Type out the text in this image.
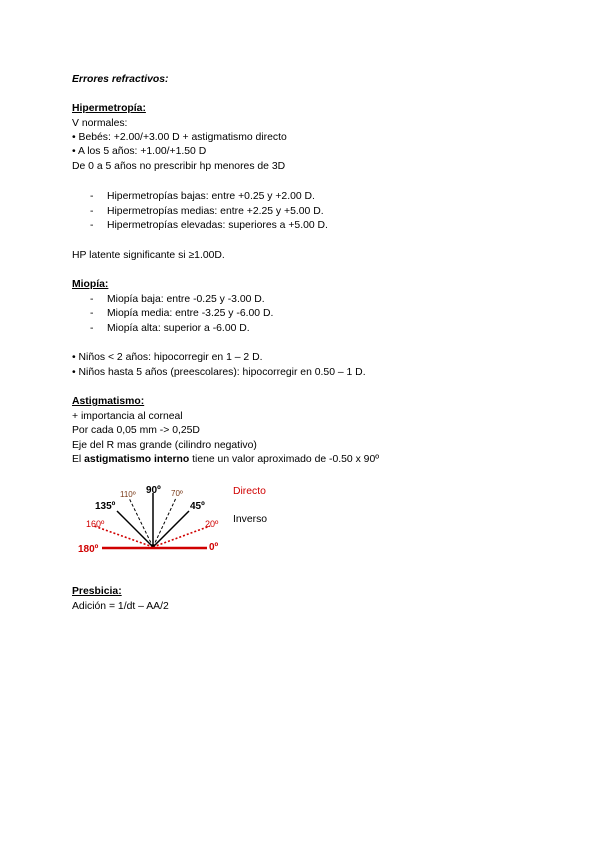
Errores refractivos:
Hipermetropía:
V normales:
• Bebés: +2.00/+3.00 D + astigmatismo directo
• A los 5 años: +1.00/+1.50 D
De 0 a 5 años no prescribir hp menores de 3D
- Hipermetropías bajas: entre +0.25 y +2.00 D.
- Hipermetropías medias: entre +2.25 y +5.00 D.
- Hipermetropías elevadas: superiores a +5.00 D.
HP latente significante si ≥1.00D.
Miopía:
- Miopía baja: entre -0.25 y -3.00 D.
- Miopía media: entre -3.25 y -6.00 D.
- Miopía alta: superior a -6.00 D.
• Niños < 2 años: hipocorregir en 1 – 2 D.
• Niños hasta 5 años (preescolares): hipocorregir en 0.50 – 1 D.
Astigmatismo:
+ importancia al corneal
Por cada 0,05 mm -> 0,25D
Eje del R mas grande (cilindro negativo)
El astigmatismo interno tiene un valor aproximado de -0.50 x 90º
90º
110º	70º
135º	45º
160º	20º
180º	0º
Directo
Inverso
Presbicia:
Adición = 1/dt – AA/2
